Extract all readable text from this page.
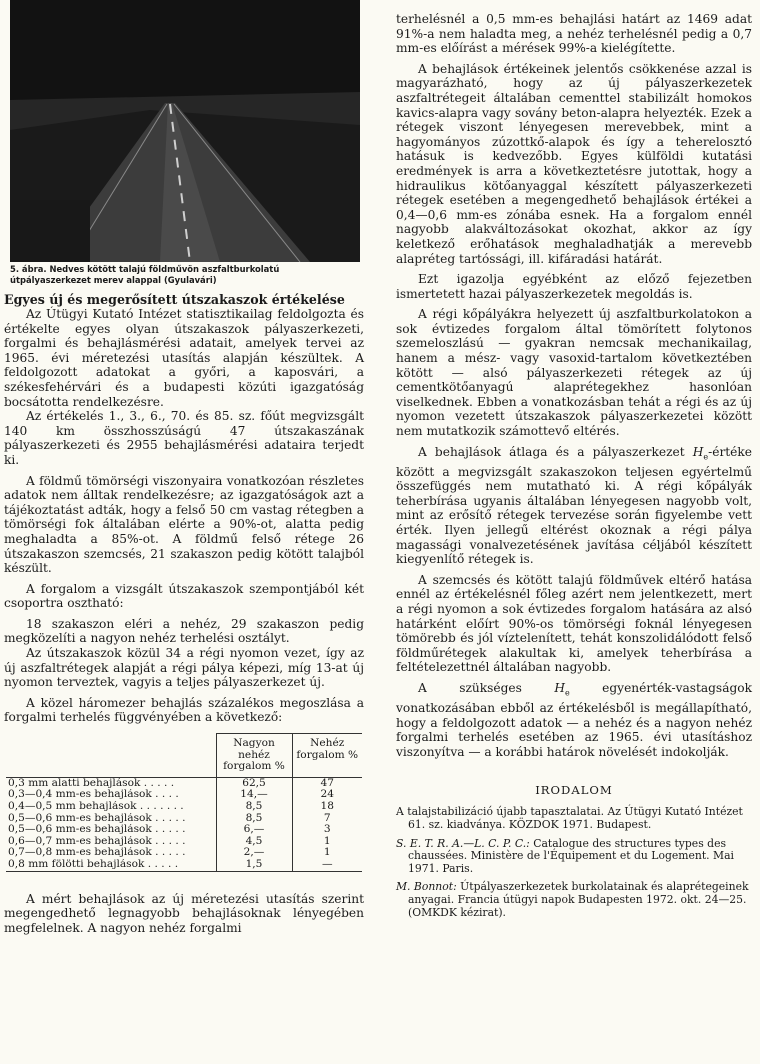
5. ábra. Nedves kötött talajú földművön aszfaltburkolatú útpályaszerkezet merev alappal (Gyulavári)

Egyes új és megerősített útszakaszok értékelése

Az Útügyi Kutató Intézet statisztikailag feldolgozta és értékelte egyes olyan útszakaszok pályaszerkezeti, forgalmi és behajlásmérési adatait, amelyek tervei az 1965. évi méretezési utasítás alapján készültek. A feldolgozott adatokat a győri, a kaposvári, a székesfehérvári és a budapesti közúti igazgatóság bocsátotta rendelkezésre.

Az értékelés 1., 3., 6., 70. és 85. sz. főút megvizsgált 140 km összhosszúságú 47 útszakaszának pályaszerkezeti és 2955 behajlásmérési adataira terjedt ki.

A földmű tömörségi viszonyaira vonatkozóan részletes adatok nem álltak rendelkezésre; az igazgatóságok azt a tájékoztatást adták, hogy a felső 50 cm vastag rétegben a tömörségi fok általában elérte a 90%-ot, alatta pedig meghaladta a 85%-ot. A földmű felső rétege 26 útszakaszon szemcsés, 21 szakaszon pedig kötött talajból készült.

A forgalom a vizsgált útszakaszok szempontjából két csoportra osztható:

18 szakaszon eléri a nehéz, 29 szakaszon pedig megközelíti a nagyon nehéz terhelési osztályt.

Az útszakaszok közül 34 a régi nyomon vezet, így az új aszfaltrétegek alapját a régi pálya képezi, míg 13-at új nyomon terveztek, vagyis a teljes pályaszerkezet új.

A közel háromezer behajlás százalékos megoszlása a forgalmi terhelés függvényében a következő:

	Nagyon nehéz forgalom %	Nehéz forgalom %
0,3 mm alatti behajlások . . . . .	62,5	47
0,3—0,4 mm-es behajlások . . . .	14,—	24
0,4—0,5 mm behajlások . . . . . . .	8,5	18
0,5—0,6 mm-es behajlások . . . . .	8,5	7
0,5—0,6 mm-es behajlások . . . . .	6,—	3
0,6—0,7 mm-es behajlások . . . . .	4,5	1
0,7—0,8 mm-es behajlások . . . . .	2,—	1
0,8 mm fölötti behajlások . . . . .	1,5	—

A mért behajlások az új méretezési utasítás szerint megengedhető legnagyobb behajlásoknak lényegében megfelelnek. A nagyon nehéz forgalmi

terhelésnél a 0,5 mm-es behajlási határt az 1469 adat 91%-a nem haladta meg, a nehéz terhelésnél pedig a 0,7 mm-es előírást a mérések 99%-a kielégítette.

A behajlások értékeinek jelentős csökkenése azzal is magyarázható, hogy az új pályaszerkezetek aszfaltrétegeit általában cementtel stabilizált homokos kavics-alapra vagy sovány beton-alapra helyezték. Ezek a rétegek viszont lényegesen merevebbek, mint a hagyományos zúzottkő-alapok és így a teherelosztó hatásuk is kedvezőbb. Egyes külföldi kutatási eredmények is arra a következtetésre jutottak, hogy a hidraulikus kötőanyaggal készített pályaszerkezeti rétegek esetében a megengedhető behajlások értékei a 0,4—0,6 mm-es zónába esnek. Ha a forgalom ennél nagyobb alakváltozásokat okozhat, akkor az így keletkező erőhatások meghaladhatják a merevebb alapréteg tartóssági, ill. kifáradási határát.

Ezt igazolja egyébként az előző fejezetben ismertetett hazai pályaszerkezetek megoldás is.

A régi kőpályákra helyezett új aszfaltburkolatokon a sok évtizedes forgalom által tömörített folytonos szemeloszlású — gyakran nemcsak mechanikailag, hanem a mész- vagy vasoxid-tartalom következtében kötött — alsó pályaszerkezeti rétegek az új cementkötőanyagú alaprétegekhez hasonlóan viselkednek. Ebben a vonatkozásban tehát a régi és az új nyomon vezetett útszakaszok pályaszerkezetei között nem mutatkozik számottevő eltérés.

A behajlások átlaga és a pályaszerkezet $H_e$-értéke között a megvizsgált szakaszokon teljesen egyértelmű összefüggés nem mutatható ki. A régi kőpályák teherbírása ugyanis általában lényegesen nagyobb volt, mint az erősítő rétegek tervezése során figyelembe vett érték. Ilyen jellegű eltérést okoznak a régi pálya magassági vonalvezetésének javítása céljából készített kiegyenlítő rétegek is.

A szemcsés és kötött talajú földművek eltérő hatása ennél az értékelésnél főleg azért nem jelentkezett, mert a régi nyomon a sok évtizedes forgalom hatására az alsó határként előírt 90%-os tömörségi foknál lényegesen tömörebb és jól víztelenített, tehát konszolidálódott felső földműrétegek alakultak ki, amelyek teherbírása a feltételezettnél általában nagyobb.

A szükséges $H_e$ egyenérték-vastagságok vonatkozásában ebből az értékelésből is megállapítható, hogy a feldolgozott adatok — a nehéz és a nagyon nehéz forgalmi terhelés esetében az 1965. évi utasításhoz viszonyítva — a korábbi határok növelését indokolják.

IRODALOM

A talajstabilizáció újabb tapasztalatai. Az Útügyi Kutató Intézet 61. sz. kiadványa. KÖZDOK 1971. Budapest.

S. E. T. R. A.—L. C. P. C.: Catalogue des structures types des chaussées. Ministère de l'Équipement et du Logement. Mai 1971. Paris.

M. Bonnot: Útpályaszerkezetek burkolatainak és alaprétegeinek anyagai. Francia útügyi napok Budapesten 1972. okt. 24—25. (OMKDK kézirat).
